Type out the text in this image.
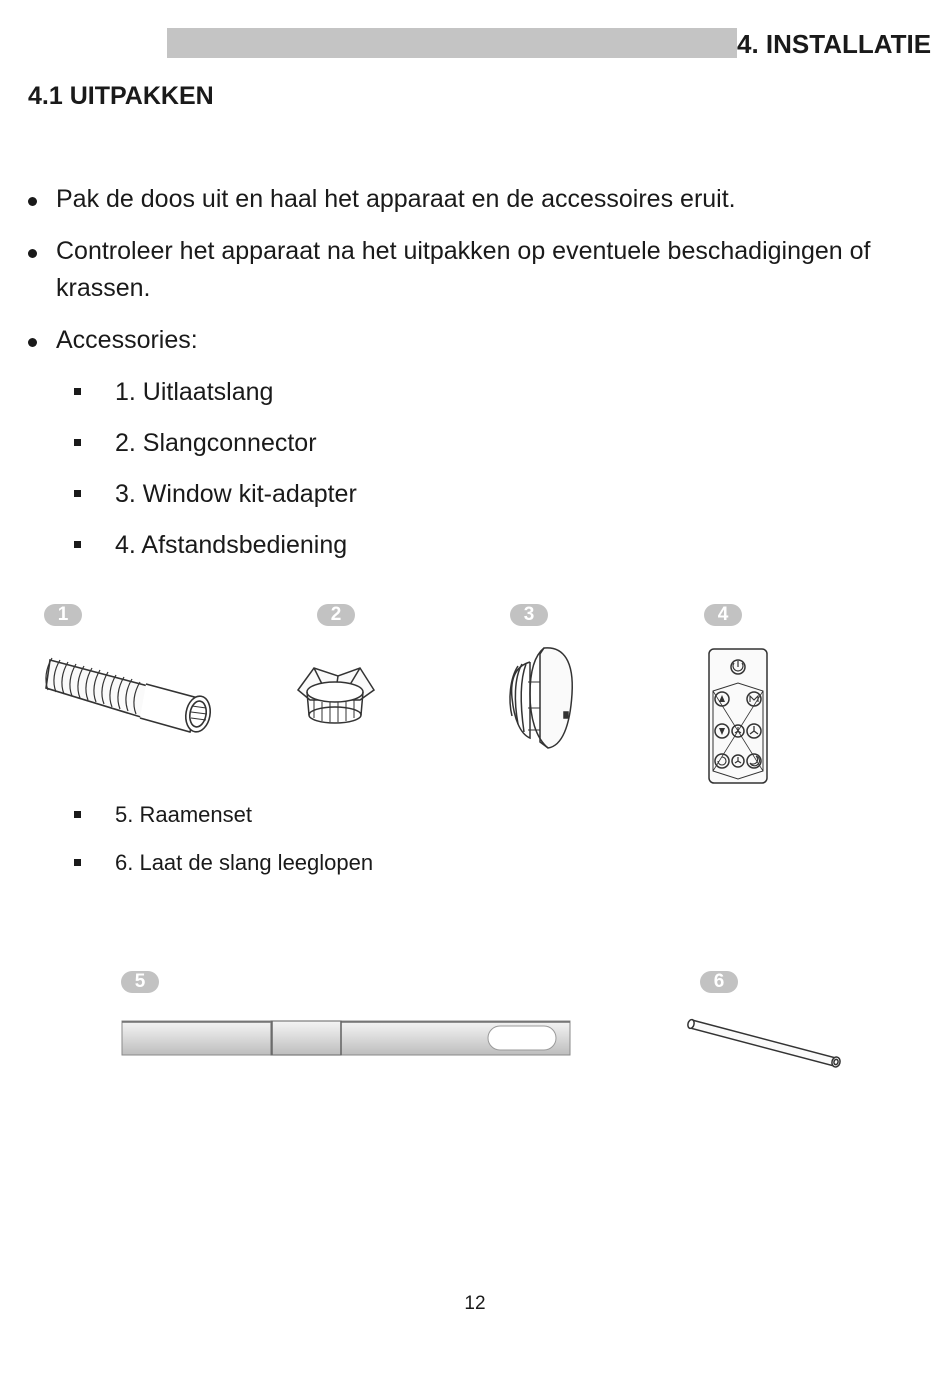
4. INSTALLATIE
4.1 UITPAKKEN
Pak de doos uit en haal het apparaat en de accessoires eruit.
Controleer het apparaat na het uitpakken op eventuele beschadigingen of krassen.
Accessories:
1. Uitlaatslang
2. Slangconnector
3. Window kit-adapter
4. Afstandsbediening
1	2	3	4
5. Raamenset
6. Laat de slang leeglopen
5	6
12
